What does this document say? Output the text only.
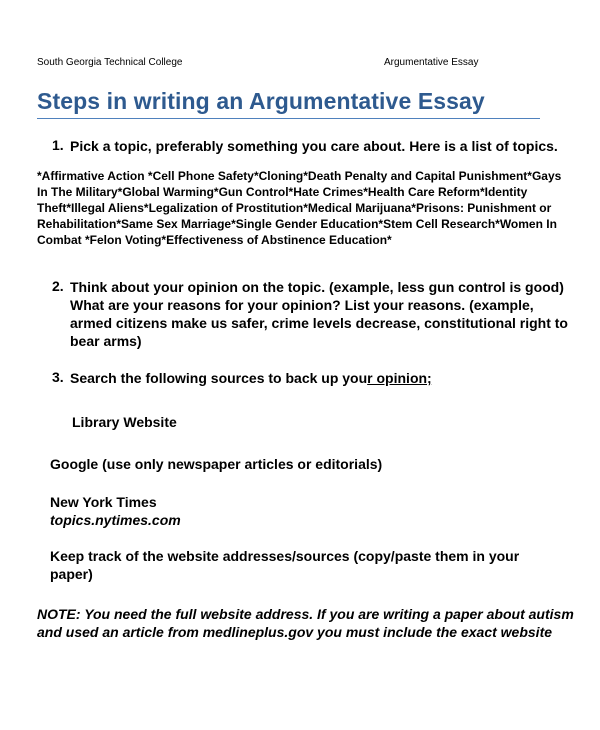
South Georgia Technical College	Argumentative Essay
Steps in writing an Argumentative Essay
1. Pick a topic, preferably something you care about. Here is a list of topics.
*Affirmative Action *Cell Phone Safety*Cloning*Death Penalty and Capital Punishment*Gays
In The Military*Global Warming*Gun Control*Hate Crimes*Health Care Reform*Identity
Theft*Illegal Aliens*Legalization of Prostitution*Medical Marijuana*Prisons: Punishment or
Rehabilitation*Same Sex Marriage*Single Gender Education*Stem Cell Research*Women In
Combat *Felon Voting*Effectiveness of Abstinence Education*
2. Think about your opinion on the topic. (example, less gun control is good)
What are your reasons for your opinion? List your reasons. (example,
armed citizens make us safer, crime levels decrease, constitutional right to
bear arms)
3. Search the following sources to back up your opinion;
Library Website
Google (use only newspaper articles or editorials)
New York Times
topics.nytimes.com
Keep track of the website addresses/sources (copy/paste them in your
paper)
NOTE: You need the full website address. If you are writing a paper about autism
and used an article from medlineplus.gov you must include the exact website
